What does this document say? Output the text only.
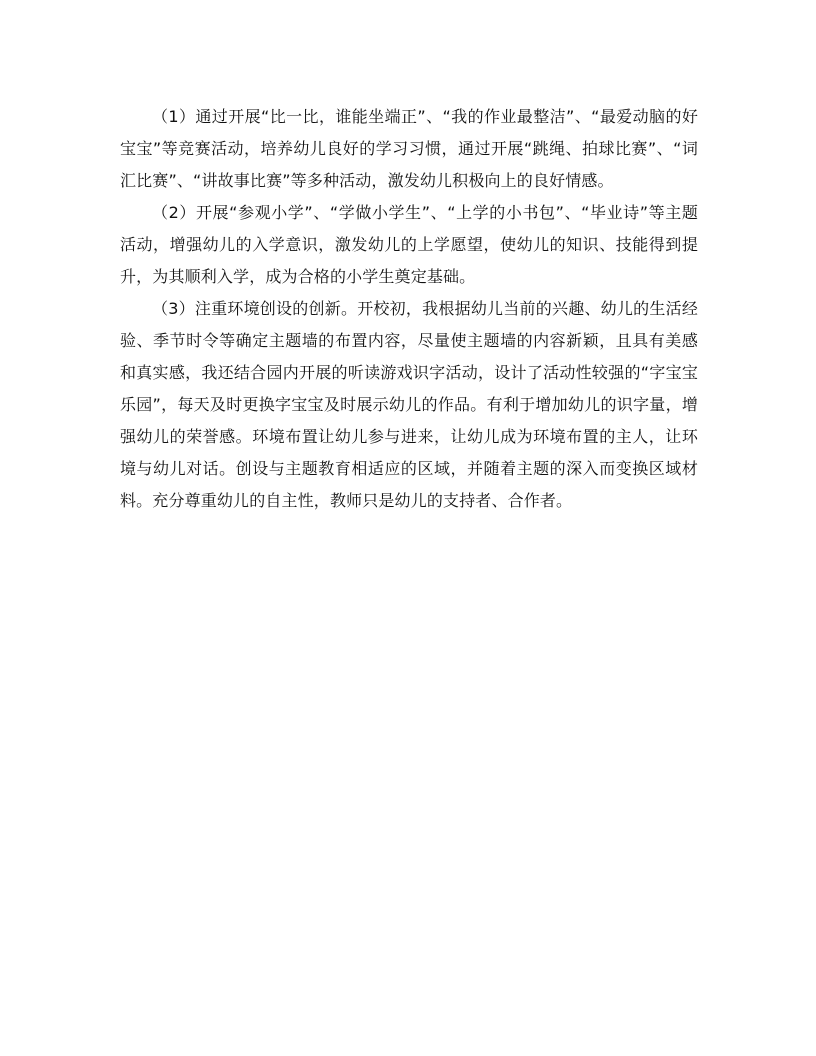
（1）通过开展“比一比，谁能坐端正”、“我的作业最整洁”、“最爱动脑的好宝宝”等竞赛活动，培养幼儿良好的学习习惯，通过开展“跳绳、拍球比赛”、“词汇比赛”、“讲故事比赛”等多种活动，激发幼儿积极向上的良好情感。

（2）开展“参观小学”、“学做小学生”、“上学的小书包”、“毕业诗”等主题活动，增强幼儿的入学意识，激发幼儿的上学愿望，使幼儿的知识、技能得到提升，为其顺利入学，成为合格的小学生奠定基础。

（3）注重环境创设的创新。开校初，我根据幼儿当前的兴趣、幼儿的生活经验、季节时令等确定主题墙的布置内容，尽量使主题墙的内容新颖，且具有美感和真实感，我还结合园内开展的听读游戏识字活动，设计了活动性较强的“字宝宝乐园”，每天及时更换字宝宝及时展示幼儿的作品。有利于增加幼儿的识字量，增强幼儿的荣誉感。环境布置让幼儿参与进来，让幼儿成为环境布置的主人，让环境与幼儿对话。创设与主题教育相适应的区域，并随着主题的深入而变换区域材料。充分尊重幼儿的自主性，教师只是幼儿的支持者、合作者。
